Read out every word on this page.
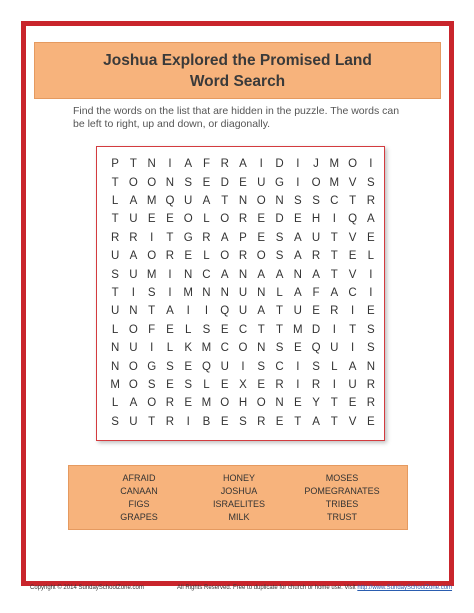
Joshua Explored the Promised Land
Word Search
Find the words on the list that are hidden in the puzzle. The words can be left to right, up and down, or diagonally.
P T N	I	A F R A	I	D	I	J M O	I
T O O N S E D E U G	I	O M V S
L A M Q U A T N O N S S C T R
T U E E O L O R E D E H	I	Q A
R R	I	T G R A P E S A U T V E
U A O R E L O R O S A R T E L
S U M	I	N C A N A A N A T V	I
T	I	S	I	M N N U N L A F A C	I
U N T A	I	I	Q U A T U E R	I	E
L O F E L S E C T T M D	I	T S
N U	I	L K M C O N S E Q U	I	S
N O G S E Q U	I	S C	I	S L A N
M O S E S L E X E R	I	R	I	U R
L A O R E M O H O N E Y T E R
S U T R	I	B E S R E T A T V E
AFRAID
CANAAN
FIGS
GRAPES
HONEY
JOSHUA
ISRAELITES
MILK
MOSES
POMEGRANATES
TRIBES
TRUST
Copyright © 2014 SundaySchoolZone.com	All Rights Reserved. Free to duplicate for church or home use. Visit http://www.SundaySchoolZone.com
